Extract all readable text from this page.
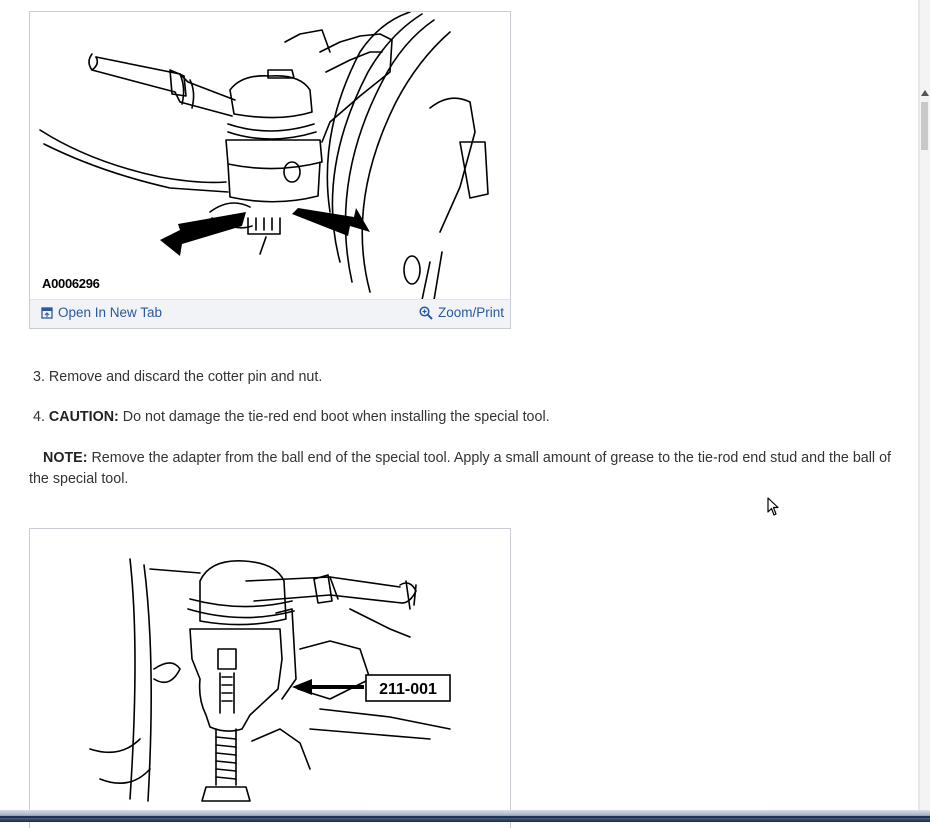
A0006296
Open In New Tab	Zoom/Print
3. Remove and discard the cotter pin and nut.
4. CAUTION: Do not damage the tie-red end boot when installing the special tool.
NOTE: Remove the adapter from the ball end of the special tool. Apply a small amount of grease to the tie-rod end stud and the ball of the special tool.
211-001
